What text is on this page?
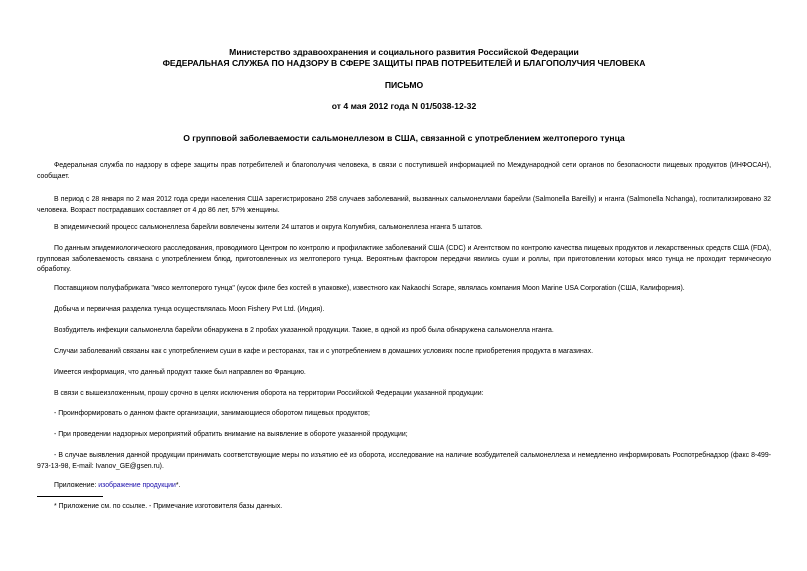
Министерство здравоохранения и социального развития Российской Федерации
ФЕДЕРАЛЬНАЯ СЛУЖБА ПО НАДЗОРУ В СФЕРЕ ЗАЩИТЫ ПРАВ ПОТРЕБИТЕЛЕЙ И БЛАГОПОЛУЧИЯ ЧЕЛОВЕКА
ПИСЬМО
от 4 мая 2012 года N 01/5038-12-32
О групповой заболеваемости сальмонеллезом в США, связанной с употреблением желтоперого тунца

Федеральная служба по надзору в сфере защиты прав потребителей и благополучия человека, в связи с поступившей информацией по Международной сети органов по безопасности пищевых продуктов (ИНФОСАН), сообщает.

В период с 28 января по 2 мая 2012 года среди населения США зарегистрировано 258 случаев заболеваний, вызванных сальмонеллами барейли (Salmonella Bareilly) и нганга (Salmonella Nchanga), госпитализировано 32 человека. Возраст пострадавших составляет от 4 до 86 лет, 57% женщины.

В эпидемический процесс сальмонеллеза барейли вовлечены жители 24 штатов и округа Колумбия, сальмонеллеза нганга 5 штатов.

По данным эпидемиологического расследования, проводимого Центром по контролю и профилактике заболеваний США (CDC) и Агентством по контролю качества пищевых продуктов и лекарственных средств США (FDA), групповая заболеваемость связана с употреблением блюд, приготовленных из желтоперого тунца. Вероятным фактором передачи явились суши и роллы, при приготовлении которых мясо тунца не проходит термическую обработку.

Поставщиком полуфабриката "мясо желтоперого тунца" (кусок филе без костей в упаковке), известного как Nakaochi Scrape, являлась компания Moon Marine USA Corporation (США, Калифорния).

Добыча и первичная разделка тунца осуществлялась Moon Fishery Pvt Ltd. (Индия).

Возбудитель инфекции сальмонелла барейли обнаружена в 2 пробах указанной продукции. Также, в одной из проб была обнаружена сальмонелла нганга.

Случаи заболеваний связаны как с употреблением суши в кафе и ресторанах, так и с употреблением в домашних условиях после приобретения продукта в магазинах.

Имеется информация, что данный продукт также был направлен во Францию.

В связи с вышеизложенным, прошу срочно в целях исключения оборота на территории Российской Федерации указанной продукции:

- Проинформировать о данном факте организации, занимающиеся оборотом пищевых продуктов;

- При проведении надзорных мероприятий обратить внимание на выявление в обороте указанной продукции;

- В случае выявления данной продукции принимать соответствующие меры по изъятию её из оборота, исследование на наличие возбудителей сальмонеллеза и немедленно информировать Роспотребнадзор (факс 8-499-973-13-98, E-mail: Ivanov_GE@gsen.ru).

Приложение: изображение продукции*.

* Приложение см. по ссылке. - Примечание изготовителя базы данных.
